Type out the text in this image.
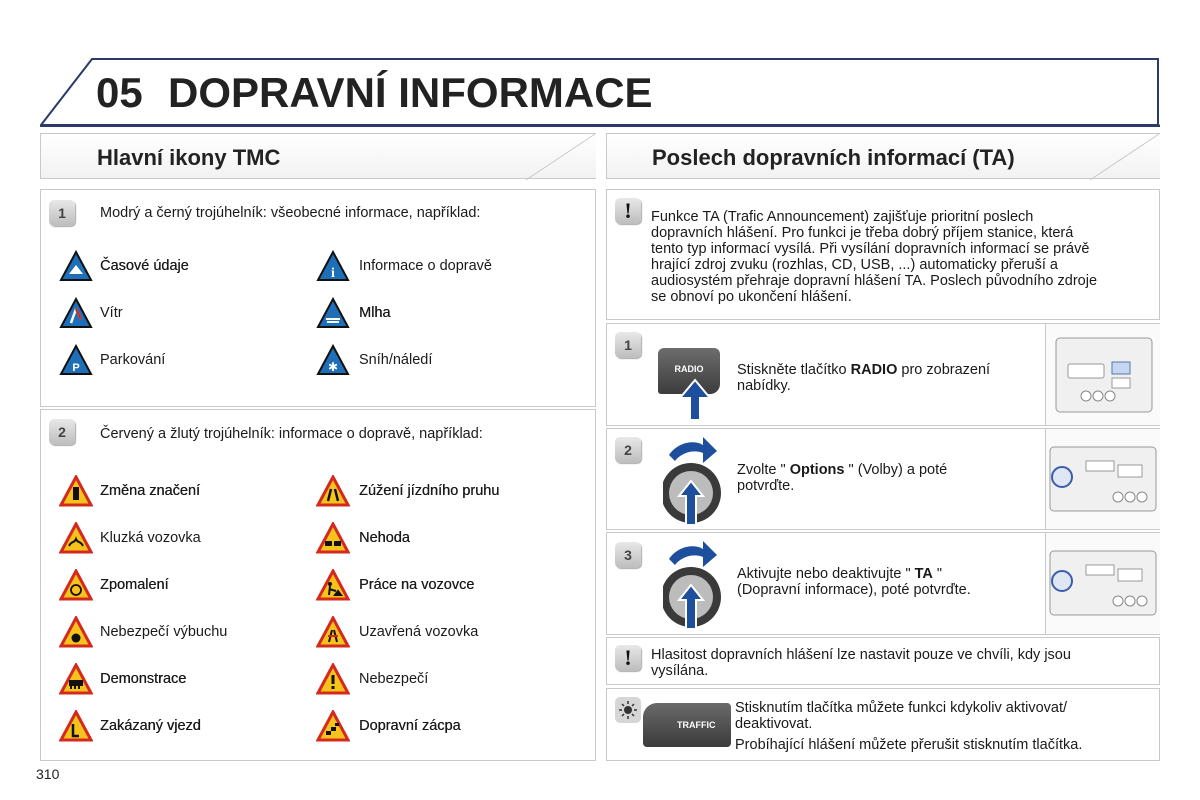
05 DOPRAVNÍ INFORMACE
Hlavní ikony TMC	Poslech dopravních informací (TA)
1	Modrý a černý trojúhelník: všeobecné informace, například:
2	Červený a žlutý trojúhelník: informace o dopravě, například:
Časové údaje
Vítr
P Parkování
i Informace o dopravě
Mlha
✱ Sníh/náledí
Změna značení
Kluzká vozovka
Zpomalení
Nebezpečí výbuchu
Demonstrace
Zakázaný vjezd
Zúžení jízdního pruhu
Nehoda
Práce na vozovce
Uzavřená vozovka
Nebezpečí
Dopravní zácpa
!	Funkce TA (Trafic Announcement) zajišťuje prioritní poslech
dopravních hlášení. Pro funkci je třeba dobrý příjem stanice, která
tento typ informací vysílá. Při vysílání dopravních informací se právě
hrající zdroj zvuku (rozhlas, CD, USB, ...) automaticky přeruší a
audiosystém přehraje dopravní hlášení TA. Poslech původního zdroje
se obnoví po ukončení hlášení.
1
RADIO	Stiskněte tlačítko RADIO pro zobrazení
nabídky.
2
Zvolte " Options " (Volby) a poté
potvrďte.
3
Aktivujte nebo deaktivujte " TA "
(Dopravní informace), poté potvrďte.
!	Hlasitost dopravních hlášení lze nastavit pouze ve chvíli, kdy jsou
vysílána.
TRAFFIC
Stisknutím tlačítka můžete funkci kdykoliv aktivovat/
deaktivovat.
Probíhající hlášení můžete přerušit stisknutím tlačítka.
310
